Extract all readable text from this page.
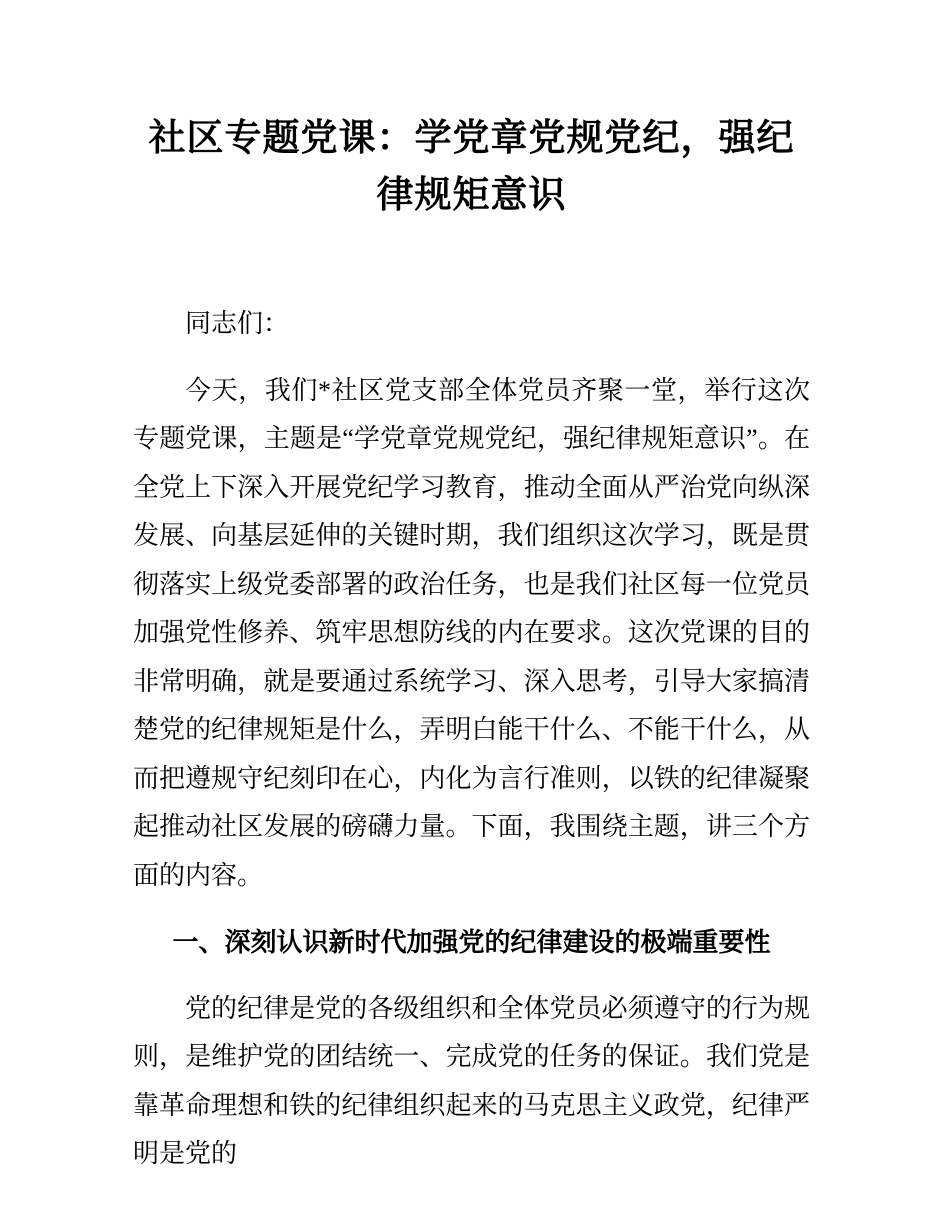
社区专题党课：学党章党规党纪，强纪律规矩意识

同志们：

今天，我们*社区党支部全体党员齐聚一堂，举行这次专题党课，主题是“学党章党规党纪，强纪律规矩意识”。在全党上下深入开展党纪学习教育，推动全面从严治党向纵深发展、向基层延伸的关键时期，我们组织这次学习，既是贯彻落实上级党委部署的政治任务，也是我们社区每一位党员加强党性修养、筑牢思想防线的内在要求。这次党课的目的非常明确，就是要通过系统学习、深入思考，引导大家搞清楚党的纪律规矩是什么，弄明白能干什么、不能干什么，从而把遵规守纪刻印在心，内化为言行准则，以铁的纪律凝聚起推动社区发展的磅礴力量。下面，我围绕主题，讲三个方面的内容。

一、深刻认识新时代加强党的纪律建设的极端重要性

党的纪律是党的各级组织和全体党员必须遵守的行为规则，是维护党的团结统一、完成党的任务的保证。我们党是靠革命理想和铁的纪律组织起来的马克思主义政党，纪律严明是党的
